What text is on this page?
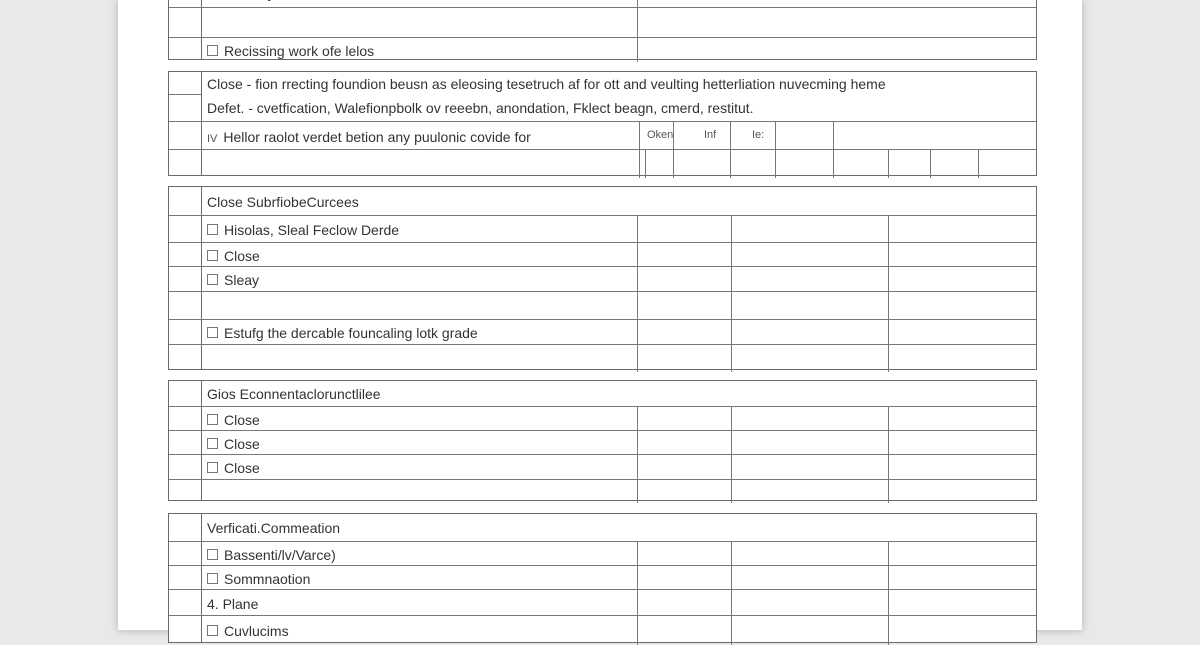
Recissing work ofe lelos
Close - fion rrecting foundion beusn as eleosing tesetruch af for ott and veulting hetterliation nuvecming heme
Defet. - cvetfication, Walefionpbolk ov reeebn, anondation, Fklect beagn, cmerd, restitut.
IV Hellor raolot verdet betion any puulonic covide for	Oken	Inf	Ie:
Close SubrfiobeCurcees
Hisolas, Sleal Feclow Derde
Close
Sleay
Estufg the dercable founcaling lotk grade
Gios Econnentaclorunctlilee
Close
Close
Close
Verficati.Commeation
Bassenti/lv/Varce)
Sommnaotion
4. Plane
Cuvlucims
